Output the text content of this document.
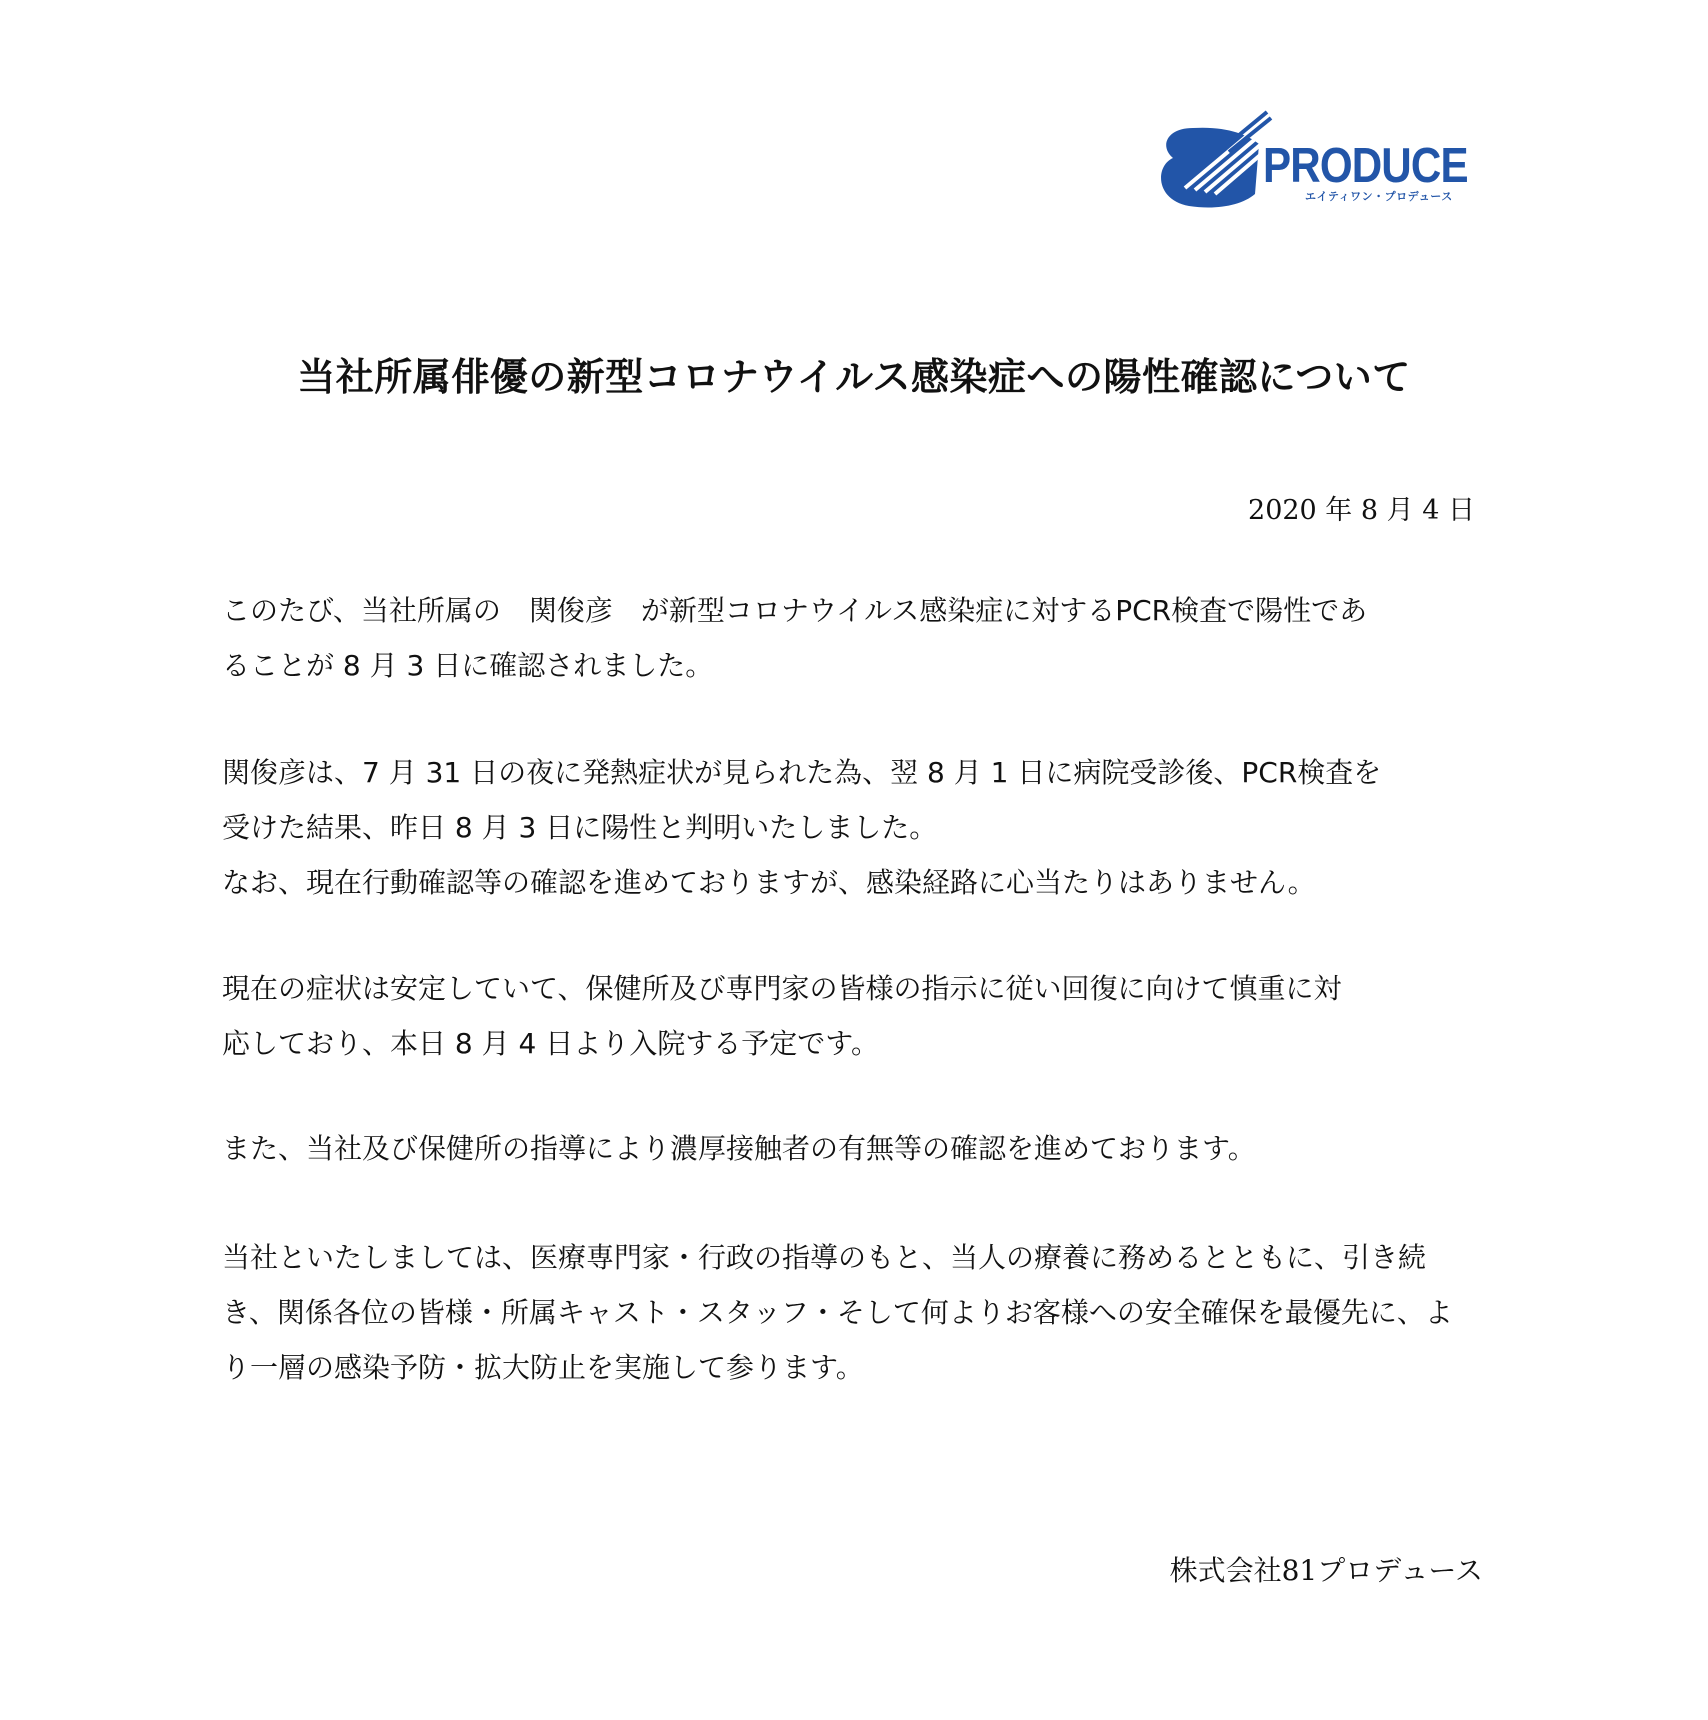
PRODUCE
エイティワン・プロデュース
当社所属俳優の新型コロナウイルス感染症への陽性確認について
2020 年 8 月 4 日

このたび、当社所属の　関俊彦　が新型コロナウイルス感染症に対するPCR検査で陽性であ

ることが 8 月 3 日に確認されました。

関俊彦は、7 月 31 日の夜に発熱症状が見られた為、翌 8 月 1 日に病院受診後、PCR検査を

受けた結果、昨日 8 月 3 日に陽性と判明いたしました。

なお、現在行動確認等の確認を進めておりますが、感染経路に心当たりはありません。

現在の症状は安定していて、保健所及び専門家の皆様の指示に従い回復に向けて慎重に対

応しており、本日 8 月 4 日より入院する予定です。

また、当社及び保健所の指導により濃厚接触者の有無等の確認を進めております。

当社といたしましては、医療専門家・行政の指導のもと、当人の療養に務めるとともに、引き続

き、関係各位の皆様・所属キャスト・スタッフ・そして何よりお客様への安全確保を最優先に、よ

り一層の感染予防・拡大防止を実施して参ります。

株式会社81プロデュース
